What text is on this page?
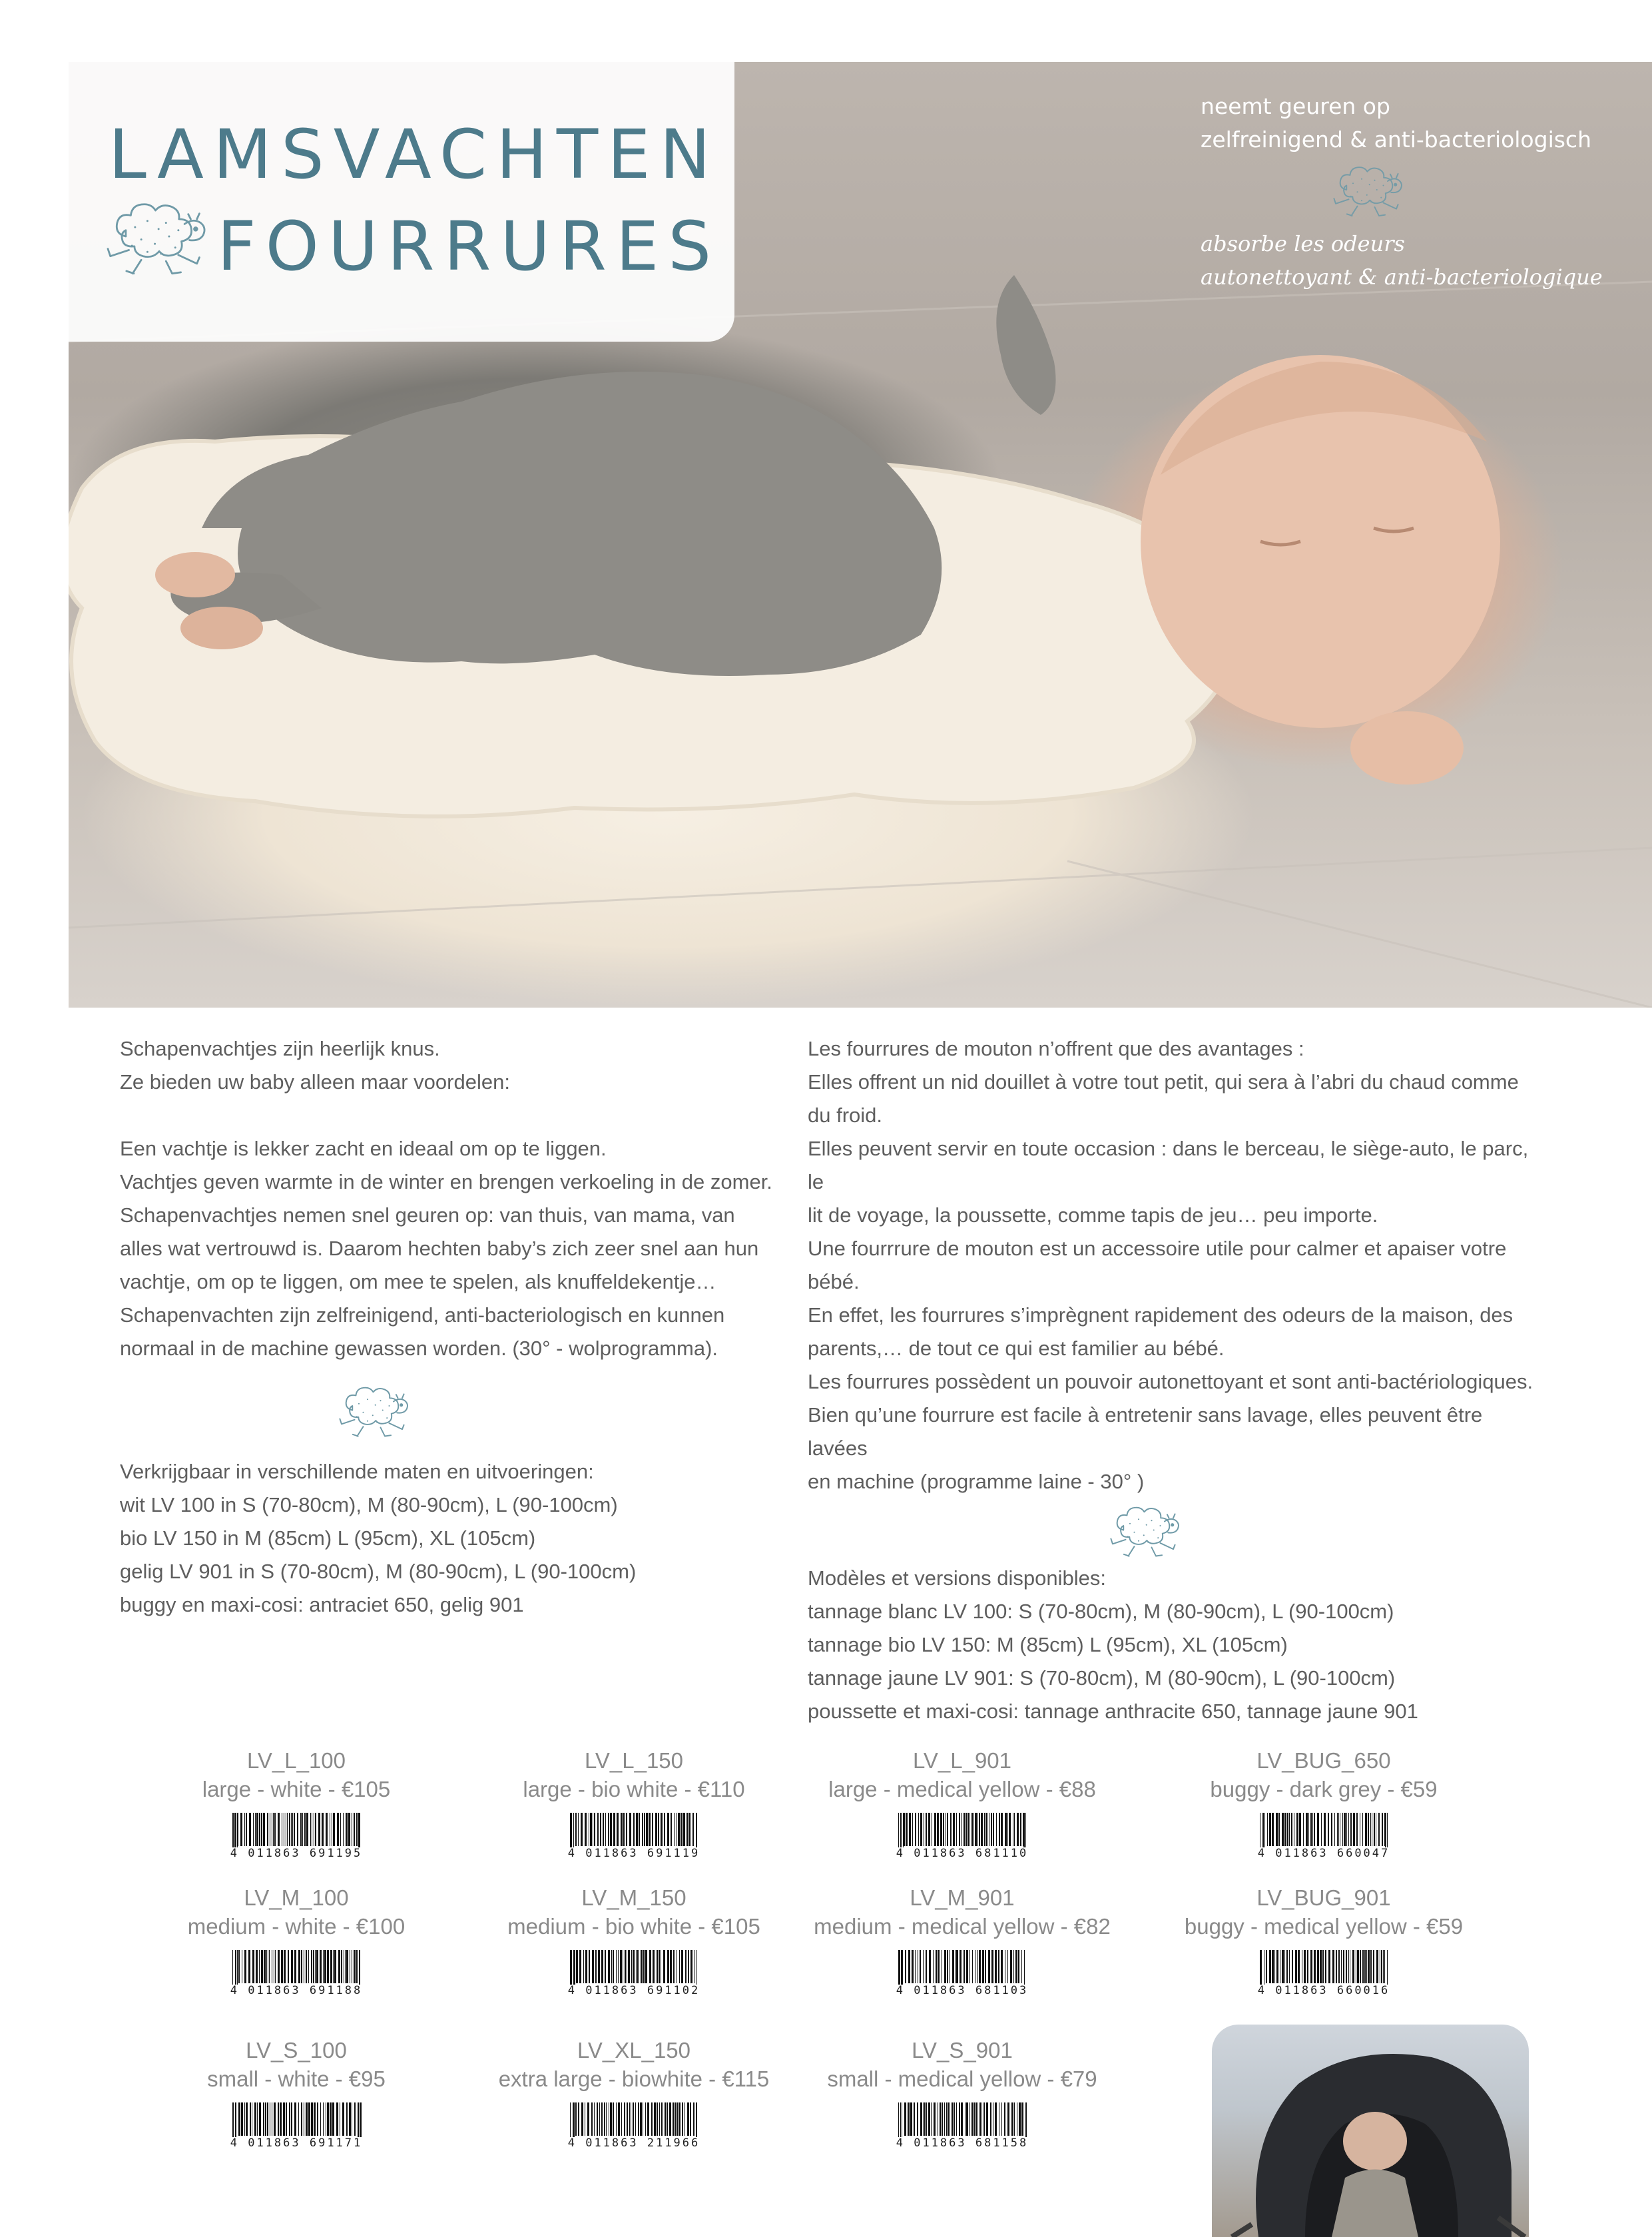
LAMSVACHTEN
FOURRURES
neemt geuren op
zelfreinigend & anti-bacteriologisch
absorbe les odeurs
autonettoyant & anti-bacteriologique

Schapenvachtjes zijn heerlijk knus.

Ze bieden uw baby alleen maar voordelen:

Een vachtje is lekker zacht en ideaal om op te liggen.

Vachtjes geven warmte in de winter en brengen verkoeling in de zomer.

Schapenvachtjes nemen snel geuren op: van thuis, van mama, van

alles wat vertrouwd is. Daarom hechten baby’s zich zeer snel aan hun

vachtje, om op te liggen, om mee te spelen, als knuffeldekentje…

Schapenvachten zijn zelfreinigend, anti-bacteriologisch en kunnen

normaal in de machine gewassen worden. (30° - wolprogramma).

Verkrijgbaar in verschillende maten en uitvoeringen:

wit LV 100 in S (70-80cm), M (80-90cm), L (90-100cm)

bio LV 150 in M (85cm) L (95cm), XL (105cm)

gelig LV 901 in S (70-80cm), M (80-90cm), L (90-100cm)

buggy en maxi-cosi: antraciet 650, gelig 901

Les fourrures de mouton n’offrent que des avantages :

Elles offrent un nid douillet à votre tout petit, qui sera à l’abri du chaud comme

du froid.

Elles peuvent servir en toute occasion : dans le berceau, le siège-auto, le parc, le

lit de voyage, la poussette, comme tapis de jeu… peu importe.

Une fourrrure de mouton est un accessoire utile pour calmer et apaiser votre

bébé.

En effet, les fourrures s’imprègnent rapidement des odeurs de la maison, des

parents,… de tout ce qui est familier au bébé.

Les fourrures possèdent un pouvoir autonettoyant et sont anti-bactériologiques.

Bien qu’une fourrure est facile à entretenir sans lavage, elles peuvent être lavées

en machine (programme laine - 30° )

Modèles et versions disponibles:

tannage blanc LV 100: S (70-80cm), M (80-90cm), L (90-100cm)

tannage bio LV 150: M (85cm) L (95cm), XL (105cm)

tannage jaune LV 901: S (70-80cm), M (80-90cm), L (90-100cm)

poussette et maxi-cosi: tannage anthracite 650, tannage jaune 901

LV_L_100
large - white - €105
4 011863 691195
LV_L_150
large - bio white - €110
4 011863 691119
LV_L_901
large - medical yellow - €88
4 011863 681110
LV_BUG_650
buggy - dark grey - €59
4 011863 660047
LV_M_100
medium - white - €100
4 011863 691188
LV_M_150
medium - bio white - €105
4 011863 691102
LV_M_901
medium - medical yellow - €82
4 011863 681103
LV_BUG_901
buggy - medical yellow - €59
4 011863 660016
LV_S_100
small - white - €95
4 011863 691171
LV_XL_150
extra large - biowhite - €115
4 011863 211966
LV_S_901
small - medical yellow - €79
4 011863 681158
